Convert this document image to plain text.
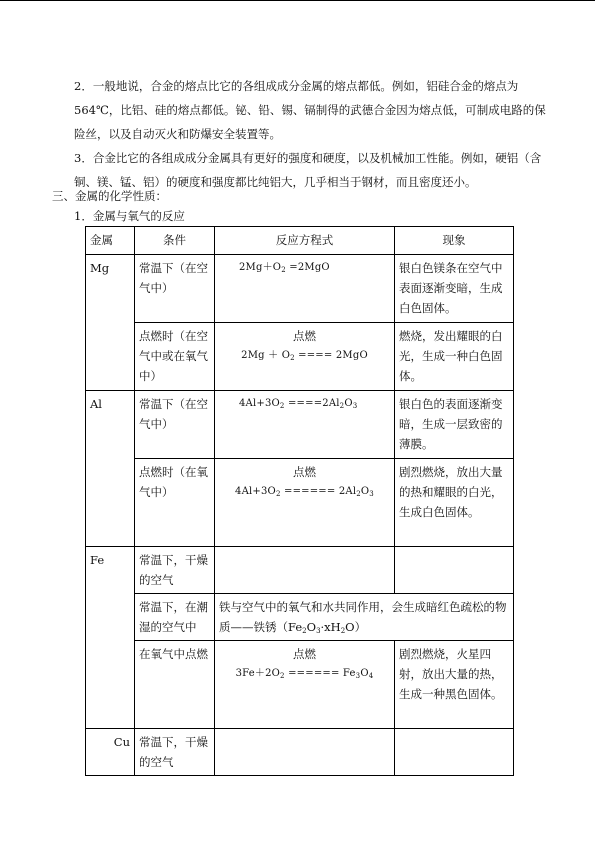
2．一般地说，合金的熔点比它的各组成成分金属的熔点都低。例如，铝硅合金的熔点为564℃，比铝、硅的熔点都低。铋、铅、锡、镉制得的武德合金因为熔点低，可制成电路的保险丝，以及自动灭火和防爆安全装置等。
3．合金比它的各组成成分金属具有更好的强度和硬度，以及机械加工性能。例如，硬铝（含铜、镁、锰、铝）的硬度和强度都比纯铝大，几乎相当于钢材，而且密度还小。
三、金属的化学性质：
1．金属与氧气的反应
金属	条件	反应方程式	现象
Mg	常温下（在空气中）	$2Mg+O_2 =2MgO$	银白色镁条在空气中表面逐渐变暗，生成白色固体。
	点燃时（在空气中或在氧气中）	点燃
$2Mg + O_2$ ==== 2MgO	燃烧，发出耀眼的白光，生成一种白色固体。
Al	常温下（在空气中）	$4Al+3O_2 ====2Al_2O_3$	银白色的表面逐渐变暗，生成一层致密的薄膜。
	点燃时（在氧气中）	点燃
$4Al+3O_2$ ====== $2Al_2O_3$	剧烈燃烧，放出大量的热和耀眼的白光，生成白色固体。
Fe	常温下，干燥的空气		
	常温下，在潮湿的空气中	铁与空气中的氧气和水共同作用，会生成暗红色疏松的物质——铁锈$(Fe_2O_3\cdot xH_2O)$	
	在氧气中点燃	点燃
$3Fe+2O_2$ ====== $Fe_3O_4$	剧烈燃烧，火星四射，放出大量的热，生成一种黑色固体。
Cu	常温下，干燥的空气		
